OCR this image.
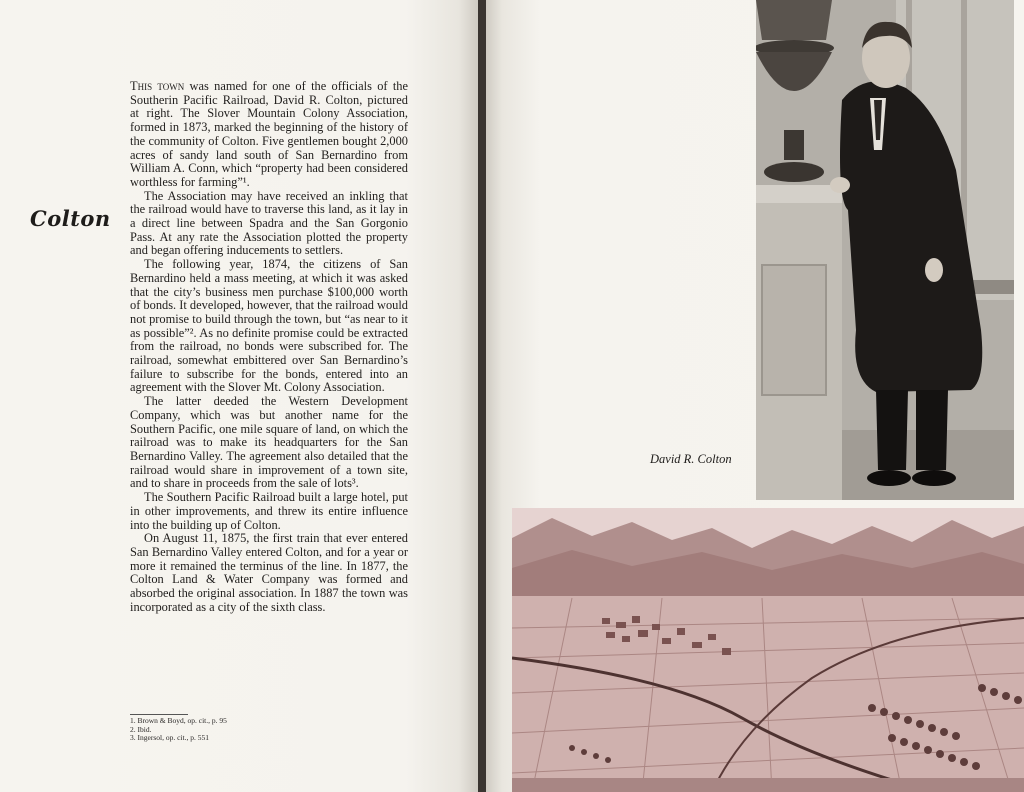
Colton

This town was named for one of the officials of the Southerin Pacific Railroad, David R. Colton, pictured at right. The Slover Mountain Colony Association, formed in 1873, marked the beginning of the history of the community of Colton. Five gentlemen bought 2,000 acres of sandy land south of San Bernardino from William A. Conn, which “property had been considered worthless for farming”¹.

The Association may have received an inkling that the railroad would have to traverse this land, as it lay in a direct line between Spadra and the San Gorgonio Pass. At any rate the Association plotted the property and began offering inducements to settlers.

The following year, 1874, the citizens of San Bernardino held a mass meeting, at which it was asked that the city’s business men purchase $100,000 worth of bonds. It developed, however, that the railroad would not promise to build through the town, but “as near to it as possible”². As no definite promise could be extracted from the railroad, no bonds were subscribed for. The railroad, somewhat embittered over San Bernardino’s failure to subscribe for the bonds, entered into an agreement with the Slover Mt. Colony Association.

The latter deeded the Western Development Company, which was but another name for the Southern Pacific, one mile square of land, on which the railroad was to make its headquarters for the San Bernardino Valley. The agreement also detailed that the railroad would share in improvement of a town site, and to share in proceeds from the sale of lots³.

The Southern Pacific Railroad built a large hotel, put in other improvements, and threw its entire influence into the building up of Colton.

On August 11, 1875, the first train that ever entered San Bernardino Valley entered Colton, and for a year or more it remained the terminus of the line. In 1877, the Colton Land & Water Company was formed and absorbed the original association. In 1887 the town was incorporated as a city of the sixth class.

1. Brown & Boyd, op. cit., p. 95
2. Ibid.
3. Ingersol, op. cit., p. 551
David R. Colton
